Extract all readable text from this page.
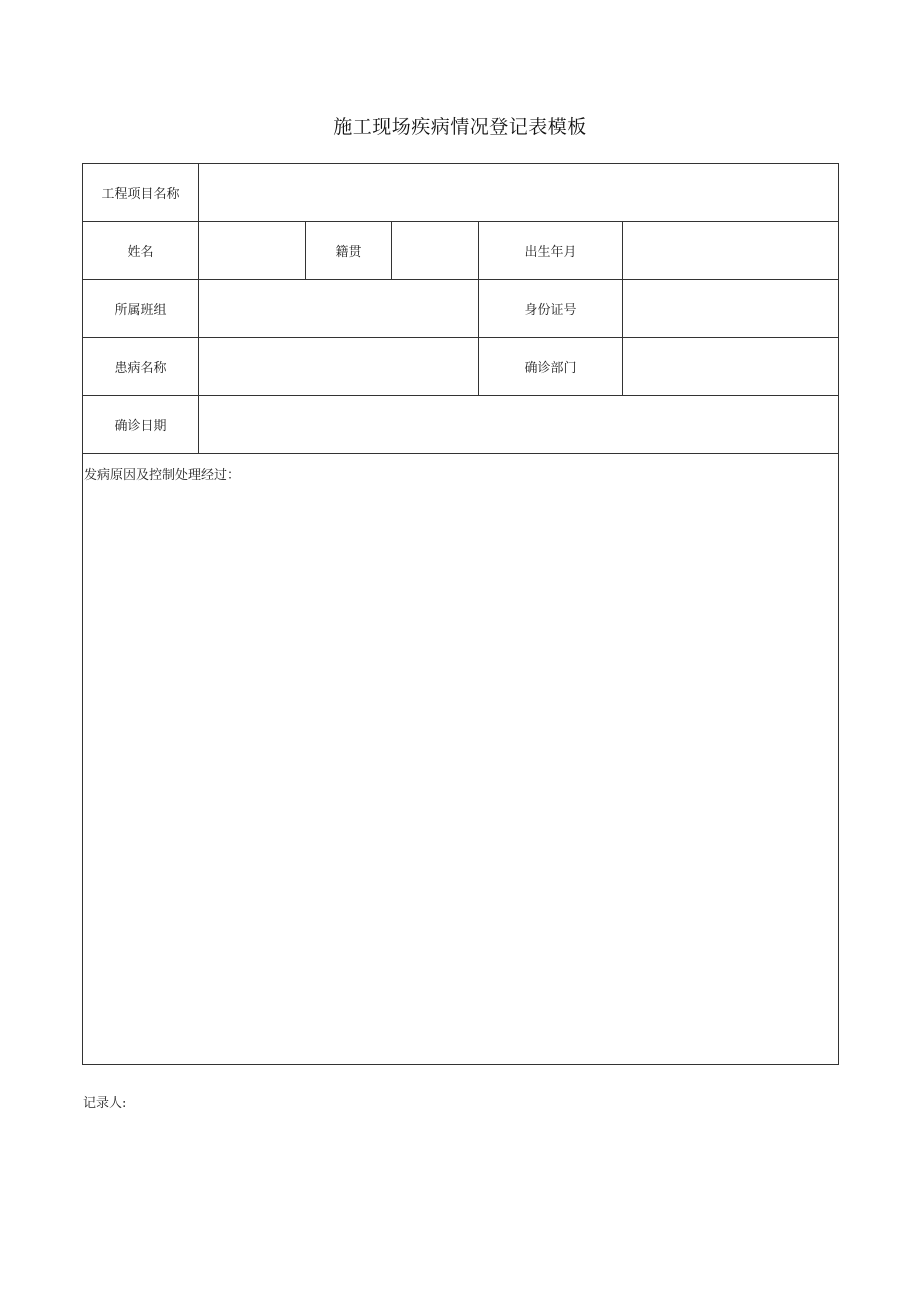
施工现场疾病情况登记表模板
工程项目名称					
姓名		籍贯		出生年月	
所属班组				身份证号	
患病名称				确诊部门	
确诊日期					
发病原因及控制处理经过：					
记录人:
